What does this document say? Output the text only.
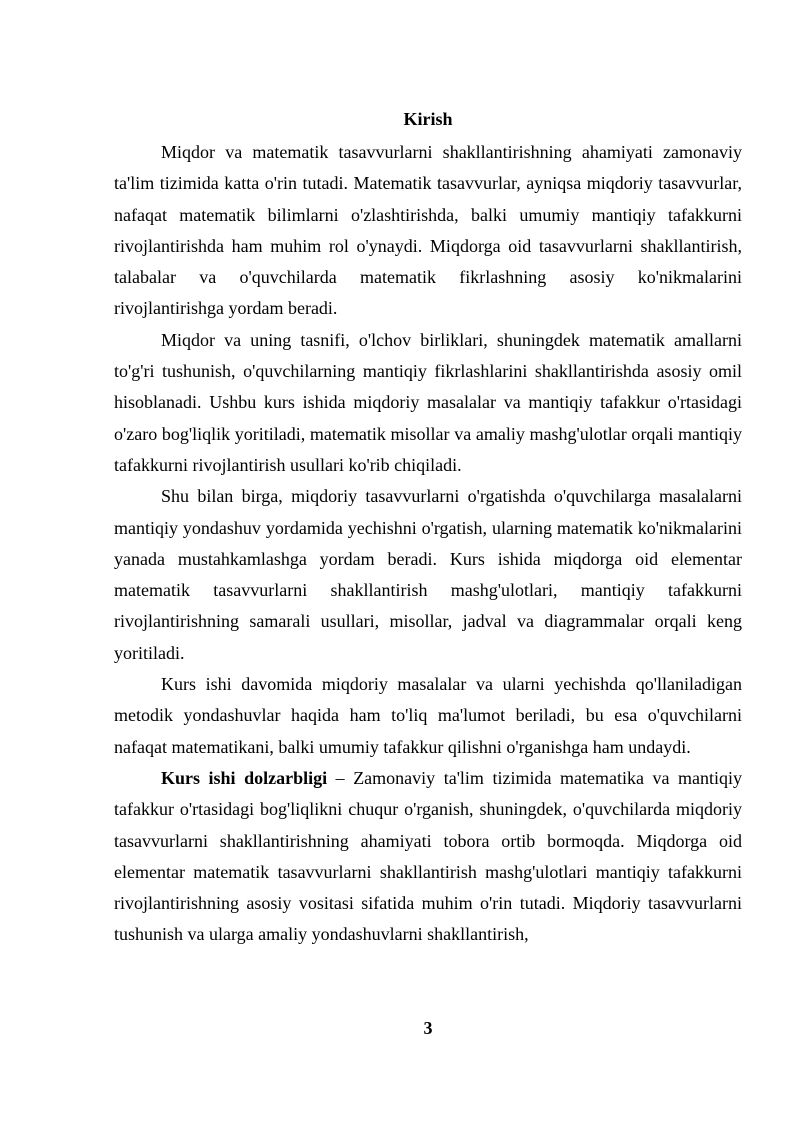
Kirish

Miqdor va matematik tasavvurlarni shakllantirishning ahamiyati zamonaviy ta'lim tizimida katta o'rin tutadi. Matematik tasavvurlar, ayniqsa miqdoriy tasavvurlar, nafaqat matematik bilimlarni o'zlashtirishda, balki umumiy mantiqiy tafakkurni rivojlantirishda ham muhim rol o'ynaydi. Miqdorga oid tasavvurlarni shakllantirish, talabalar va o'quvchilarda matematik fikrlashning asosiy ko'nikmalarini rivojlantirishga yordam beradi.

Miqdor va uning tasnifi, o'lchov birliklari, shuningdek matematik amallarni to'g'ri tushunish, o'quvchilarning mantiqiy fikrlashlarini shakllantirishda asosiy omil hisoblanadi. Ushbu kurs ishida miqdoriy masalalar va mantiqiy tafakkur o'rtasidagi o'zaro bog'liqlik yoritiladi, matematik misollar va amaliy mashg'ulotlar orqali mantiqiy tafakkurni rivojlantirish usullari ko'rib chiqiladi.

Shu bilan birga, miqdoriy tasavvurlarni o'rgatishda o'quvchilarga masalalarni mantiqiy yondashuv yordamida yechishni o'rgatish, ularning matematik ko'nikmalarini yanada mustahkamlashga yordam beradi. Kurs ishida miqdorga oid elementar matematik tasavvurlarni shakllantirish mashg'ulotlari, mantiqiy tafakkurni rivojlantirishning samarali usullari, misollar, jadval va diagrammalar orqali keng yoritiladi.

Kurs ishi davomida miqdoriy masalalar va ularni yechishda qo'llaniladigan metodik yondashuvlar haqida ham to'liq ma'lumot beriladi, bu esa o'quvchilarni nafaqat matematikani, balki umumiy tafakkur qilishni o'rganishga ham undaydi.

Kurs ishi dolzarbligi – Zamonaviy ta'lim tizimida matematika va mantiqiy tafakkur o'rtasidagi bog'liqlikni chuqur o'rganish, shuningdek, o'quvchilarda miqdoriy tasavvurlarni shakllantirishning ahamiyati tobora ortib bormoqda. Miqdorga oid elementar matematik tasavvurlarni shakllantirish mashg'ulotlari mantiqiy tafakkurni rivojlantirishning asosiy vositasi sifatida muhim o'rin tutadi. Miqdoriy tasavvurlarni tushunish va ularga amaliy yondashuvlarni shakllantirish,

3
